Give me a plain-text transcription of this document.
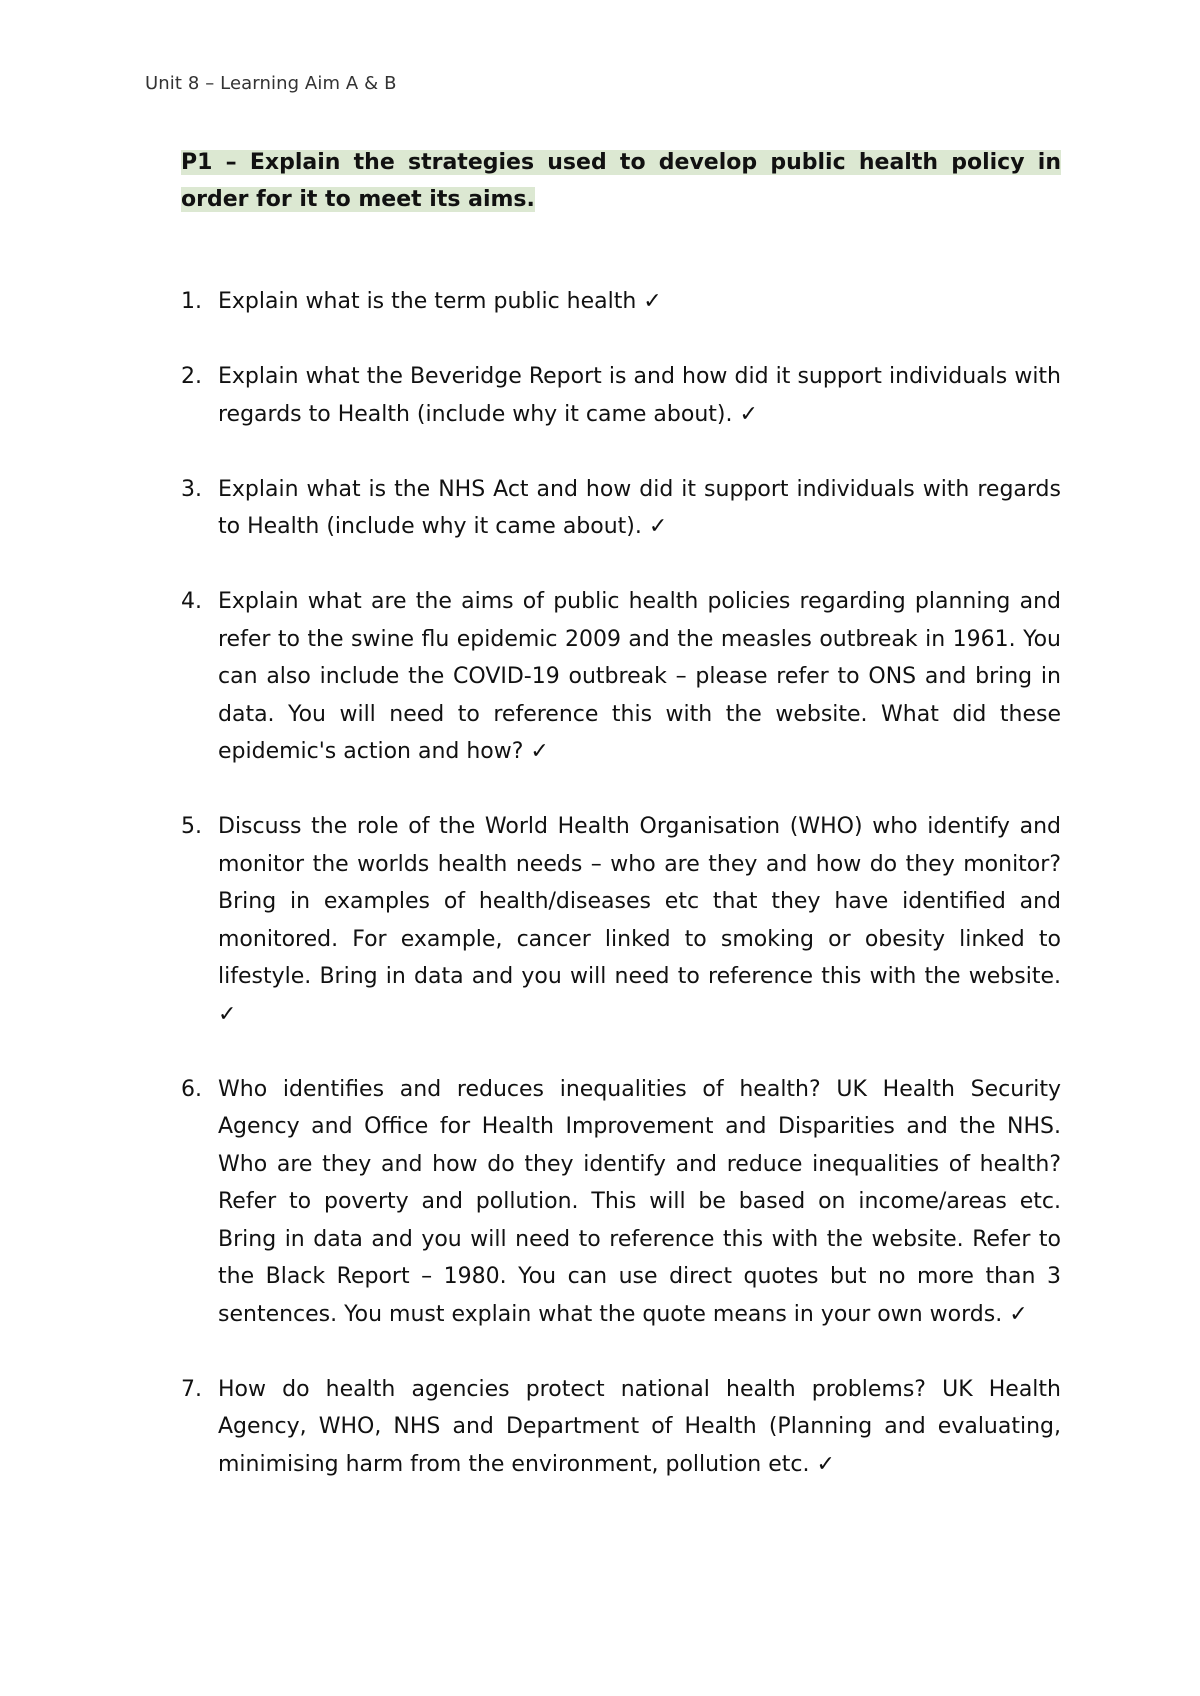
Unit 8 – Learning Aim A & B

P1 – Explain the strategies used to develop public health policy in order for it to meet its aims.

1. Explain what is the term public health ✓
2. Explain what the Beveridge Report is and how did it support individuals with regards to Health (include why it came about). ✓
3. Explain what is the NHS Act and how did it support individuals with regards to Health (include why it came about). ✓
4. Explain what are the aims of public health policies regarding planning and refer to the swine flu epidemic 2009 and the measles outbreak in 1961. You can also include the COVID-19 outbreak – please refer to ONS and bring in data. You will need to reference this with the website. What did these epidemic's action and how? ✓
5. Discuss the role of the World Health Organisation (WHO) who identify and monitor the worlds health needs – who are they and how do they monitor? Bring in examples of health/diseases etc that they have identified and monitored. For example, cancer linked to smoking or obesity linked to lifestyle. Bring in data and you will need to reference this with the website. ✓
6. Who identifies and reduces inequalities of health? UK Health Security Agency and Office for Health Improvement and Disparities and the NHS. Who are they and how do they identify and reduce inequalities of health? Refer to poverty and pollution. This will be based on income/areas etc. Bring in data and you will need to reference this with the website. Refer to the Black Report – 1980. You can use direct quotes but no more than 3 sentences. You must explain what the quote means in your own words. ✓
7. How do health agencies protect national health problems? UK Health Agency, WHO, NHS and Department of Health (Planning and evaluating, minimising harm from the environment, pollution etc. ✓
